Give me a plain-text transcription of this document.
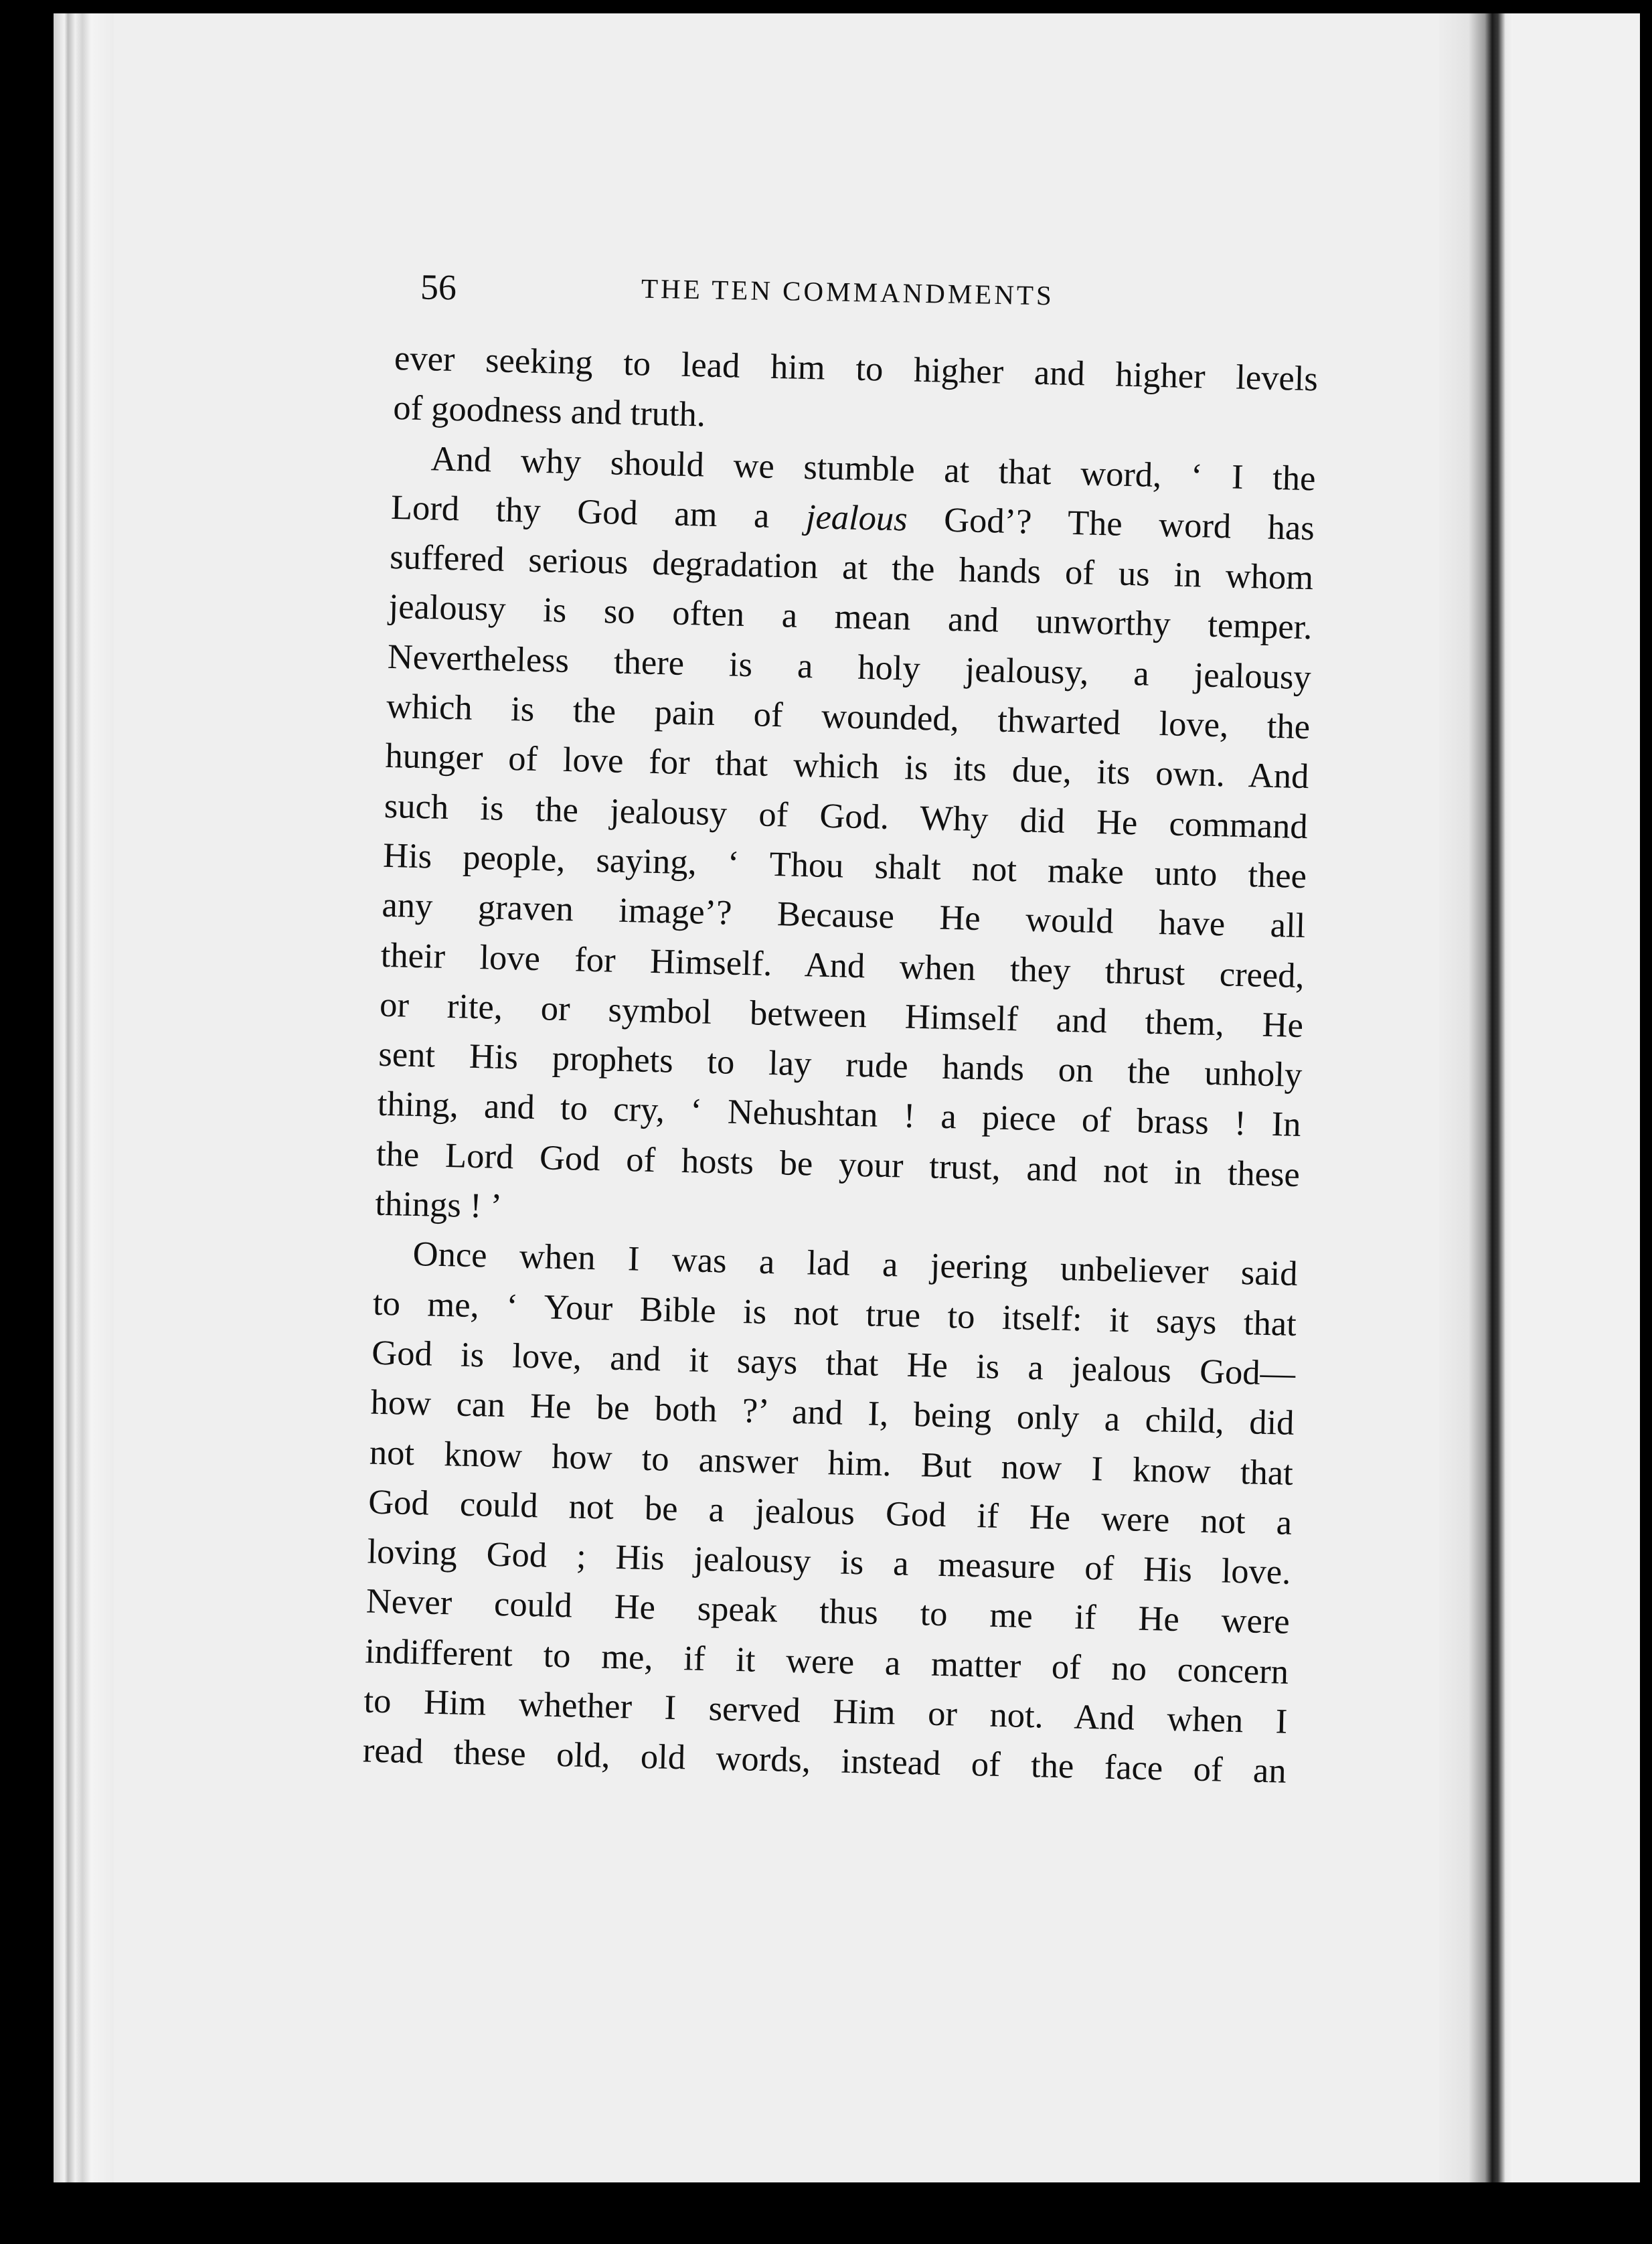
56	THE TEN COMMANDMENTS

ever seeking to lead him to higher and higher levels
of goodness and truth.

And why should we stumble at that word, ‘ I the
Lord thy God am a jealous God’? The word has
suffered serious degradation at the hands of us in whom
jealousy is so often a mean and unworthy temper.
Nevertheless there is a holy jealousy, a jealousy
which is the pain of wounded, thwarted love, the
hunger of love for that which is its due, its own. And
such is the jealousy of God. Why did He command
His people, saying, ‘ Thou shalt not make unto thee
any graven image’? Because He would have all
their love for Himself. And when they thrust creed,
or rite, or symbol between Himself and them, He
sent His prophets to lay rude hands on the unholy
thing, and to cry, ‘ Nehushtan ! a piece of brass ! In
the Lord God of hosts be your trust, and not in these
things ! ’

Once when I was a lad a jeering unbeliever said
to me, ‘ Your Bible is not true to itself: it says that
God is love, and it says that He is a jealous God—
how can He be both ?’ and I, being only a child, did
not know how to answer him. But now I know that
God could not be a jealous God if He were not a
loving God ; His jealousy is a measure of His love.
Never could He speak thus to me if He were
indifferent to me, if it were a matter of no concern
to Him whether I served Him or not. And when I
read these old, old words, instead of the face of an
